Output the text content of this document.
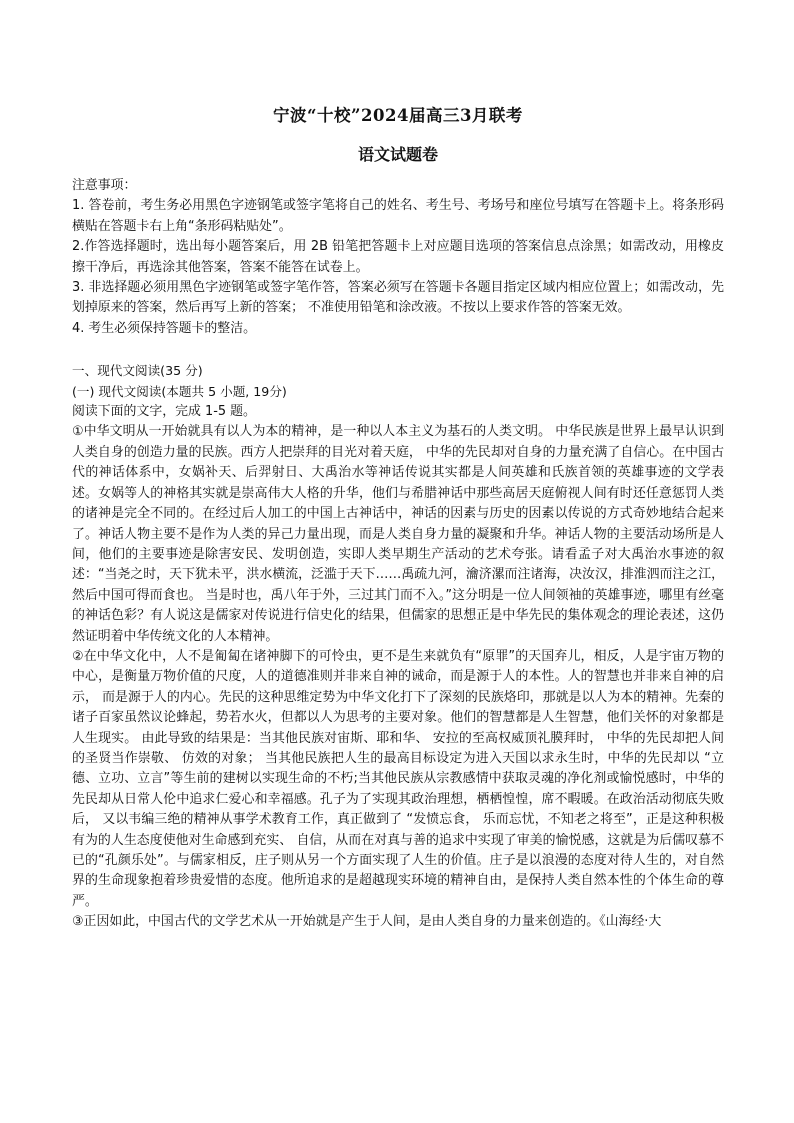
宁波“十校”2024届高三3月联考
语文试题卷

注意事项：

1. 答卷前，考生务必用黑色字迹钢笔或签字笔将自己的姓名、考生号、考场号和座位号填写在答题卡上。将条形码横贴在答题卡右上角“条形码粘贴处”。

2.作答选择题时，选出每小题答案后，用 2B 铅笔把答题卡上对应题目选项的答案信息点涂黑；如需改动，用橡皮擦干净后，再选涂其他答案，答案不能答在试卷上。

3. 非选择题必须用黑色字迹钢笔或签字笔作答，答案必须写在答题卡各题目指定区域内相应位置上；如需改动，先划掉原来的答案，然后再写上新的答案； 不准使用铅笔和涂改液。不按以上要求作答的答案无效。

4. 考生必须保持答题卡的整洁。

一、现代文阅读(35 分)

(一) 现代文阅读(本题共 5 小题, 19分)

阅读下面的文字，完成 1-5 题。

①中华文明从一开始就具有以人为本的精神，是一种以人本主义为基石的人类文明。 中华民族是世界上最早认识到人类自身的创造力量的民族。西方人把崇拜的目光对着天庭， 中华的先民却对自身的力量充满了自信心。在中国古代的神话体系中，女娲补天、后羿射日、大禹治水等神话传说其实都是人间英雄和氏族首领的英雄事迹的文学表述。女娲等人的神格其实就是崇高伟大人格的升华，他们与希腊神话中那些高居天庭俯视人间有时还任意惩罚人类的诸神是完全不同的。在经过后人加工的中国上古神话中，神话的因素与历史的因素以传说的方式奇妙地结合起来了。神话人物主要不是作为人类的异己力量出现，而是人类自身力量的凝聚和升华。神话人物的主要活动场所是人间，他们的主要事迹是除害安民、发明创造，实即人类早期生产活动的艺术夸张。请看孟子对大禹治水事迹的叙述：“当尧之时，天下犹未平，洪水横流，泛滥于天下……禹疏九河，瀹济漯而注诸海，决汝汉，排淮泗而注之江，然后中国可得而食也。 当是时也，禹八年于外，三过其门而不入。”这分明是一位人间领袖的英雄事迹，哪里有丝毫的神话色彩？有人说这是儒家对传说进行信史化的结果，但儒家的思想正是中华先民的集体观念的理论表述，这仍然证明着中华传统文化的人本精神。

②在中华文化中，人不是匍匐在诸神脚下的可怜虫，更不是生来就负有“原罪”的天国弃儿，相反，人是宇宙万物的中心，是衡量万物价值的尺度，人的道德准则并非来自神的诫命，而是源于人的本性。人的智慧也并非来自神的启示， 而是源于人的内心。先民的这种思维定势为中华文化打下了深刻的民族烙印，那就是以人为本的精神。先秦的诸子百家虽然议论蜂起，势若水火，但都以人为思考的主要对象。他们的智慧都是人生智慧，他们关怀的对象都是人生现实。 由此导致的结果是：当其他民族对宙斯、耶和华、 安拉的至高权威顶礼膜拜时， 中华的先民却把人间的圣贤当作崇敬、 仿效的对象； 当其他民族把人生的最高目标设定为进入天国以求永生时，中华的先民却以 “立德、立功、立言”等生前的建树以实现生命的不朽;当其他民族从宗教感情中获取灵魂的净化剂或愉悦感时，中华的先民却从日常人伦中追求仁爱心和幸福感。孔子为了实现其政治理想，栖栖惶惶，席不暇暖。在政治活动彻底失败后， 又以韦编三绝的精神从事学术教育工作，真正做到了 “发愤忘食， 乐而忘忧，不知老之将至”，正是这种积极有为的人生态度使他对生命感到充实、 自信，从而在对真与善的追求中实现了审美的愉悦感，这就是为后儒叹慕不已的“孔颜乐处”。与儒家相反，庄子则从另一个方面实现了人生的价值。庄子是以浪漫的态度对待人生的，对自然界的生命现象抱着珍贵爱惜的态度。他所追求的是超越现实环境的精神自由，是保持人类自然本性的个体生命的尊严。

③正因如此，中国古代的文学艺术从一开始就是产生于人间，是由人类自身的力量来创造的。《山海经·大
